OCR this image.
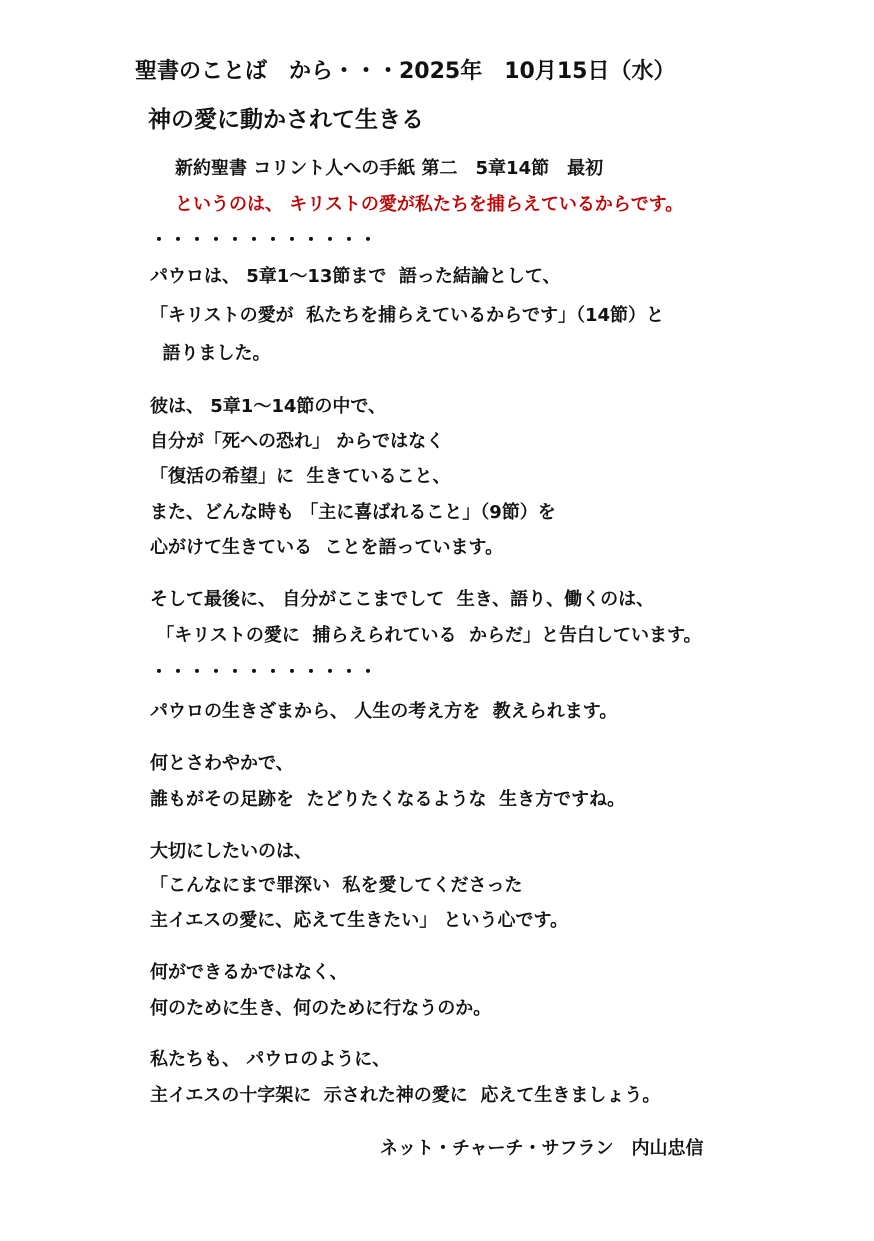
聖書のことば　から・・・2025年　10月15日（水）
神の愛に動かされて生きる
新約聖書 コリント人への手紙 第二　5章14節　最初
というのは、 キリストの愛が私たちを捕らえているからです。
・・・・・・・・・・・・
パウロは、 5章1～13節まで  語った結論として、
「キリストの愛が  私たちを捕らえているからです」（14節）と
語りました。
彼は、 5章1～14節の中で、
自分が「死への恐れ」 からではなく
「復活の希望」に  生きていること、
また、どんな時も 「主に喜ばれること」（9節）を
心がけて生きている  ことを語っています。
そして最後に、 自分がここまでして  生き、語り、働くのは、
「キリストの愛に  捕らえられている  からだ」と告白しています。
・・・・・・・・・・・・
パウロの生きざまから、 人生の考え方を  教えられます。
何とさわやかで、
誰もがその足跡を  たどりたくなるような  生き方ですね。
大切にしたいのは、
「こんなにまで罪深い  私を愛してくださった
主イエスの愛に、応えて生きたい」 という心です。
何ができるかではなく、
何のために生き、何のために行なうのか。
私たちも、 パウロのように、
主イエスの十字架に  示された神の愛に  応えて生きましょう。
ネット・チャーチ・サフラン　内山忠信
